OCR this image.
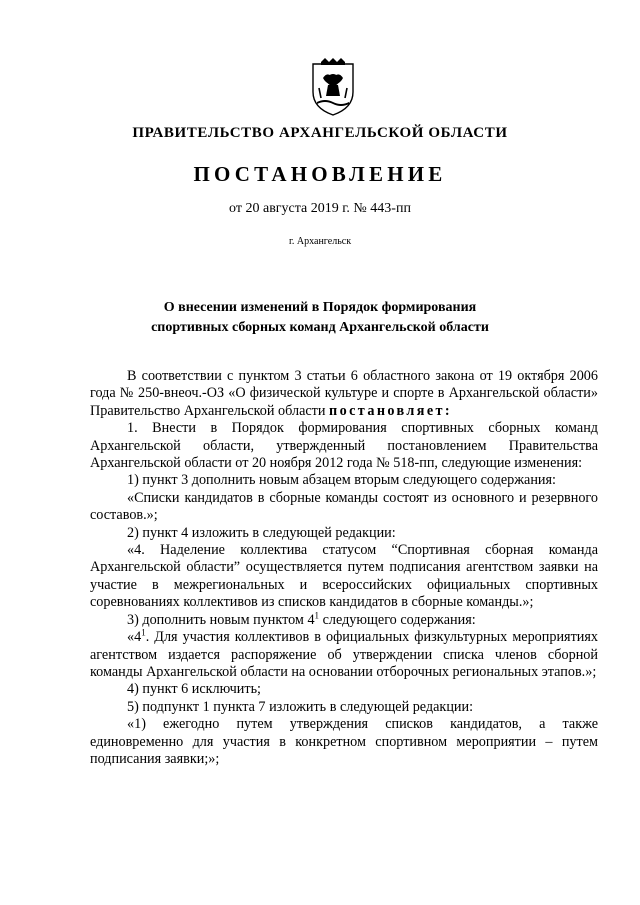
ПРАВИТЕЛЬСТВО АРХАНГЕЛЬСКОЙ ОБЛАСТИ
ПОСТАНОВЛЕНИЕ
от 20 августа 2019 г. № 443-пп
г. Архангельск
О внесении изменений в Порядок формирования
спортивных сборных команд Архангельской области

В соответствии с пунктом 3 статьи 6 областного закона от 19 октября 2006 года № 250-внеоч.-ОЗ «О физической культуре и спорте в Архангельской области» Правительство Архангельской области постановляет:

1. Внести в Порядок формирования спортивных сборных команд Архангельской области, утвержденный постановлением Правительства Архангельской области от 20 ноября 2012 года № 518-пп, следующие изменения:

1) пункт 3 дополнить новым абзацем вторым следующего содержания:

«Списки кандидатов в сборные команды состоят из основного и резервного составов.»;

2) пункт 4 изложить в следующей редакции:

«4. Наделение коллектива статусом “Спортивная сборная команда Архангельской области” осуществляется путем подписания агентством заявки на участие в межрегиональных и всероссийских официальных спортивных соревнованиях коллективов из списков кандидатов в сборные команды.»;

3) дополнить новым пунктом $4^1$ следующего содержания:

«$4^1$. Для участия коллективов в официальных физкультурных мероприятиях агентством издается распоряжение об утверждении списка членов сборной команды Архангельской области на основании отборочных региональных этапов.»;

4) пункт 6 исключить;

5) подпункт 1 пункта 7 изложить в следующей редакции:

«1) ежегодно путем утверждения списков кандидатов, а также единовременно для участия в конкретном спортивном мероприятии – путем подписания заявки;»;
